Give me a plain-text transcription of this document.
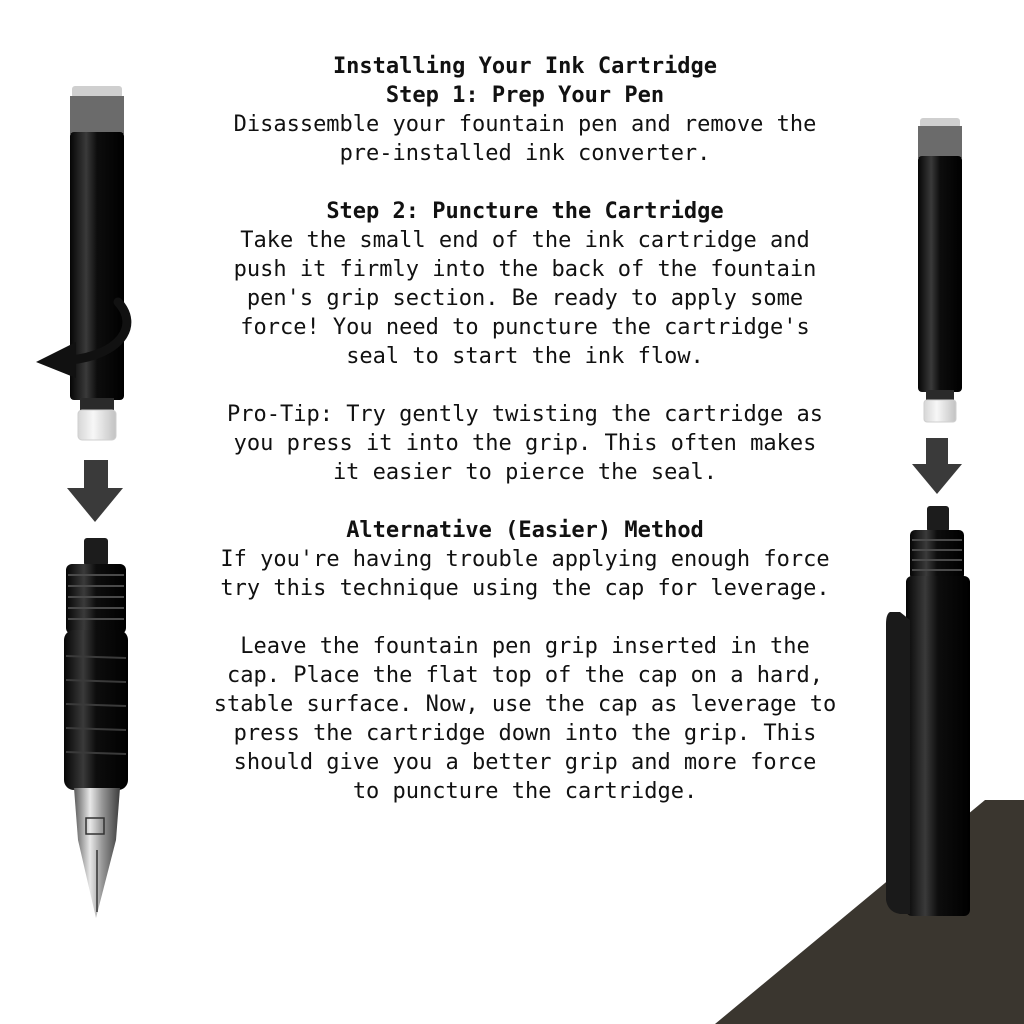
Installing Your Ink Cartridge

Step 1: Prep Your Pen

Disassemble your fountain pen and remove the
pre-installed ink converter.

Step 2: Puncture the Cartridge

Take the small end of the ink cartridge and
push it firmly into the back of the fountain
pen's grip section. Be ready to apply some
force! You need to puncture the cartridge's
seal to start the ink flow.

Pro-Tip: Try gently twisting the cartridge as
you press it into the grip. This often makes
it easier to pierce the seal.

Alternative (Easier) Method

If you're having trouble applying enough force
try this technique using the cap for leverage.

Leave the fountain pen grip inserted in the
cap. Place the flat top of the cap on a hard,
stable surface. Now, use the cap as leverage to
press the cartridge down into the grip. This
should give you a better grip and more force
to puncture the cartridge.
